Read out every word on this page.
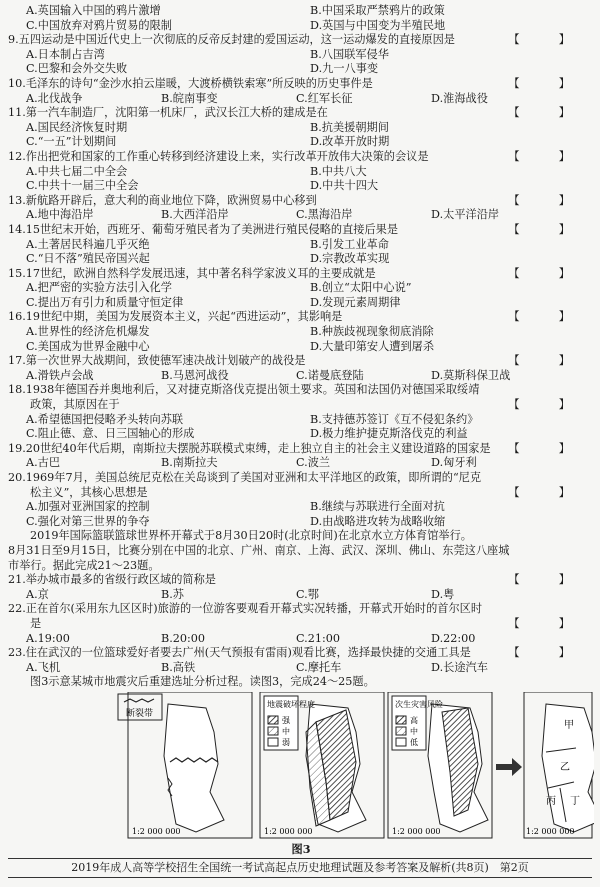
A.英国输入中国的鸦片激增	B.中国采取严禁鸦片的政策
C.中国放弃对鸦片贸易的限制	D.英国与中国变为半殖民地
9.五四运动是中国近代史上一次彻底的反帝反封建的爱国运动，这一运动爆发的直接原因是	【　】
A.日本制占吉湾	B.八国联军侵华
C.巴黎和会外交失败	D.九一八事变
10.毛泽东的诗句“金沙水拍云崖暖，大渡桥横铁索寒”所反映的历史事件是	【　】
A.北伐战争	B.皖南事变	C.红军长征	D.淮海战役
11.第一汽车制造厂，沈阳第一机床厂，武汉长江大桥的建成是在	【　】
A.国民经济恢复时期	B.抗美援朝期间
C.“一五”计划期间	D.改革开放时期
12.作出把党和国家的工作重心转移到经济建设上来，实行改革开放伟大决策的会议是	【　】
A.中共七届二中全会	B.中共八大
C.中共十一届三中全会	D.中共十四大
13.新航路开辟后，意大利的商业地位下降，欧洲贸易中心移到	【　】
A.地中海沿岸	B.大西洋沿岸	C.黑海沿岸	D.太平洋沿岸
14.15世纪末开始，西班牙、葡萄牙殖民者为了美洲进行殖民侵略的直接后果是	【　】
A.土著居民科遍几乎灭绝	B.引发工业革命
C.“日不落”殖民帝国兴起	D.宗教改革实现
15.17世纪，欧洲自然科学发展迅速，其中著名科学家波义耳的主要成就是	【　】
A.把严密的实验方法引入化学	B.创立“太阳中心说”
C.提出万有引力和质量守恒定律	D.发现元素周期律
16.19世纪中期，美国为发展资本主义，兴起“西进运动”，其影响是	【　】
A.世界性的经济危机爆发	B.种族歧视现象彻底消除
C.美国成为世界金融中心	D.大量印第安人遭到屠杀
17.第一次世界大战期间，致使德军速决战计划破产的战役是	【　】
A.滑铁卢会战	B.马恩河战役	C.诺曼底登陆	D.莫斯科保卫战
18.1938年德国吞并奥地利后，又对捷克斯洛伐克提出领土要求。英国和法国仍对德国采取绥靖
政策，其原因在于	【　】
A.希望德国把侵略矛头转向苏联	B.支持德苏签订《互不侵犯条约》
C.阻止德、意、日三国轴心的形成	D.极力维护捷克斯洛伐克的利益
19.20世纪40年代后期，南斯拉夫摆脱苏联模式束缚，走上独立自主的社会主义建设道路的国家是 【　】
A.古巴	B.南斯拉夫	C.波兰	D.匈牙利
20.1969年7月，美国总统尼克松在关岛谈到了美国对亚洲和太平洋地区的政策，即所谓的“尼克
松主义”，其核心思想是	【　】
A.加强对亚洲国家的控制	B.继续与苏联进行全面对抗
C.强化对第三世界的争夺	D.由战略进攻转为战略收缩
2019年国际篮联篮球世界杯开幕式于8月30日20时(北京时间)在北京水立方体育馆举行。
8月31日至9月15日，比赛分别在中国的北京、广州、南京、上海、武汉、深圳、佛山、东莞这八座城
市举行。据此完成21～23题。
21.举办城市最多的省级行政区域的简称是	【　】
A.京	B.苏	C.鄂	D.粤
22.正在首尔(采用东九区区时)旅游的一位游客要观看开幕式实况转播，开幕式开始时的首尔区时
是	【　】
A.19:00	B.20:00	C.21:00	D.22:00
23.住在武汉的一位篮球爱好者要去广州(天气预报有雷雨)观看比赛，选择最快捷的交通工具是	【　】
A.飞机	B.高铁	C.摩托车	D.长途汽车
图3示意某城市地震灾后重建选址分析过程。读图3，完成24～25题。
断裂带
1:2 000 000
地震破坏程度
强
中
弱
1:2 000 000
次生灾害风险
高
中
低
1:2 000 000
甲
乙
丙 丁
1:2 000 000
图3
2019年成人高等学校招生全国统一考试高起点历史地理试题及参考答案及解析(共8页)　第2页
